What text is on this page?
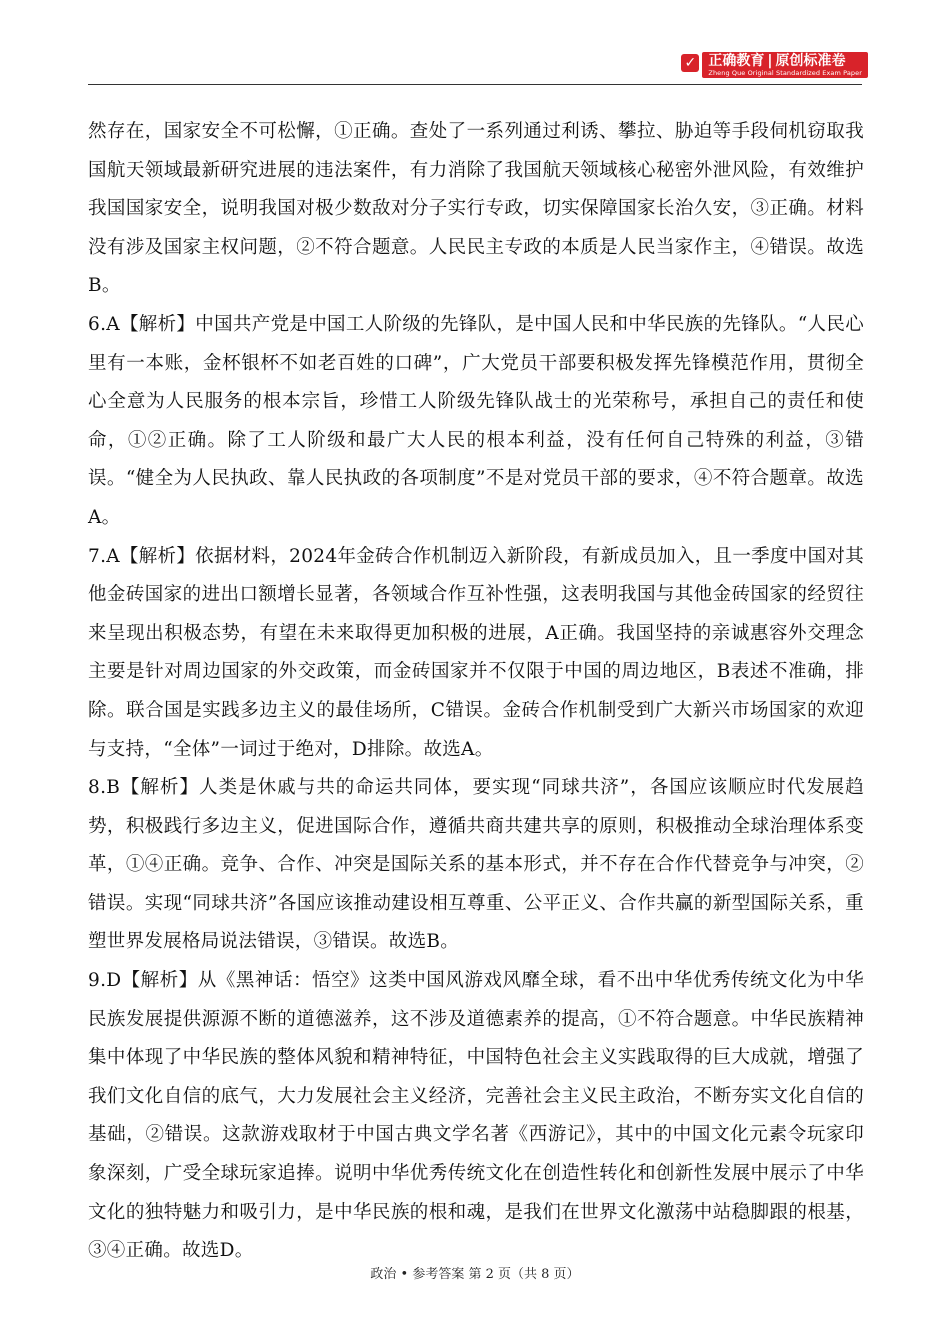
✓ 正确教育 | 原创标准卷
Zheng Que Original Standardized Exam Paper

然存在，国家安全不可松懈，①正确。查处了一系列通过利诱、攀拉、胁迫等手段伺机窃取我国航天领域最新研究进展的违法案件，有力消除了我国航天领域核心秘密外泄风险，有效维护我国国家安全，说明我国对极少数敌对分子实行专政，切实保障国家长治久安，③正确。材料没有涉及国家主权问题，②不符合题意。人民民主专政的本质是人民当家作主，④错误。故选B。

6.A【解析】中国共产党是中国工人阶级的先锋队，是中国人民和中华民族的先锋队。“人民心里有一本账，金杯银杯不如老百姓的口碑”，广大党员干部要积极发挥先锋模范作用，贯彻全心全意为人民服务的根本宗旨，珍惜工人阶级先锋队战士的光荣称号，承担自己的责任和使命，①②正确。除了工人阶级和最广大人民的根本利益，没有任何自己特殊的利益，③错误。“健全为人民执政、靠人民执政的各项制度”不是对党员干部的要求，④不符合题章。故选A。

7.A【解析】依据材料，2024年金砖合作机制迈入新阶段，有新成员加入，且一季度中国对其他金砖国家的进出口额增长显著，各领域合作互补性强，这表明我国与其他金砖国家的经贸往来呈现出积极态势，有望在未来取得更加积极的进展，A正确。我国坚持的亲诚惠容外交理念主要是针对周边国家的外交政策，而金砖国家并不仅限于中国的周边地区，B表述不准确，排除。联合国是实践多边主义的最佳场所，C错误。金砖合作机制受到广大新兴市场国家的欢迎与支持，“全体”一词过于绝对，D排除。故选A。

8.B【解析】人类是休戚与共的命运共同体，要实现“同球共济”，各国应该顺应时代发展趋势，积极践行多边主义，促进国际合作，遵循共商共建共享的原则，积极推动全球治理体系变革，①④正确。竞争、合作、冲突是国际关系的基本形式，并不存在合作代替竞争与冲突，②错误。实现“同球共济”各国应该推动建设相互尊重、公平正义、合作共赢的新型国际关系，重塑世界发展格局说法错误，③错误。故选B。

9.D【解析】从《黑神话：悟空》这类中国风游戏风靡全球，看不出中华优秀传统文化为中华民族发展提供源源不断的道德滋养，这不涉及道德素养的提高，①不符合题意。中华民族精神集中体现了中华民族的整体风貌和精神特征，中国特色社会主义实践取得的巨大成就，增强了我们文化自信的底气，大力发展社会主义经济，完善社会主义民主政治，不断夯实文化自信的基础，②错误。这款游戏取材于中国古典文学名著《西游记》，其中的中国文化元素令玩家印象深刻，广受全球玩家追捧。说明中华优秀传统文化在创造性转化和创新性发展中展示了中华文化的独特魅力和吸引力，是中华民族的根和魂，是我们在世界文化激荡中站稳脚跟的根基，③④正确。故选D。

政治 • 参考答案 第 2 页（共 8 页）
